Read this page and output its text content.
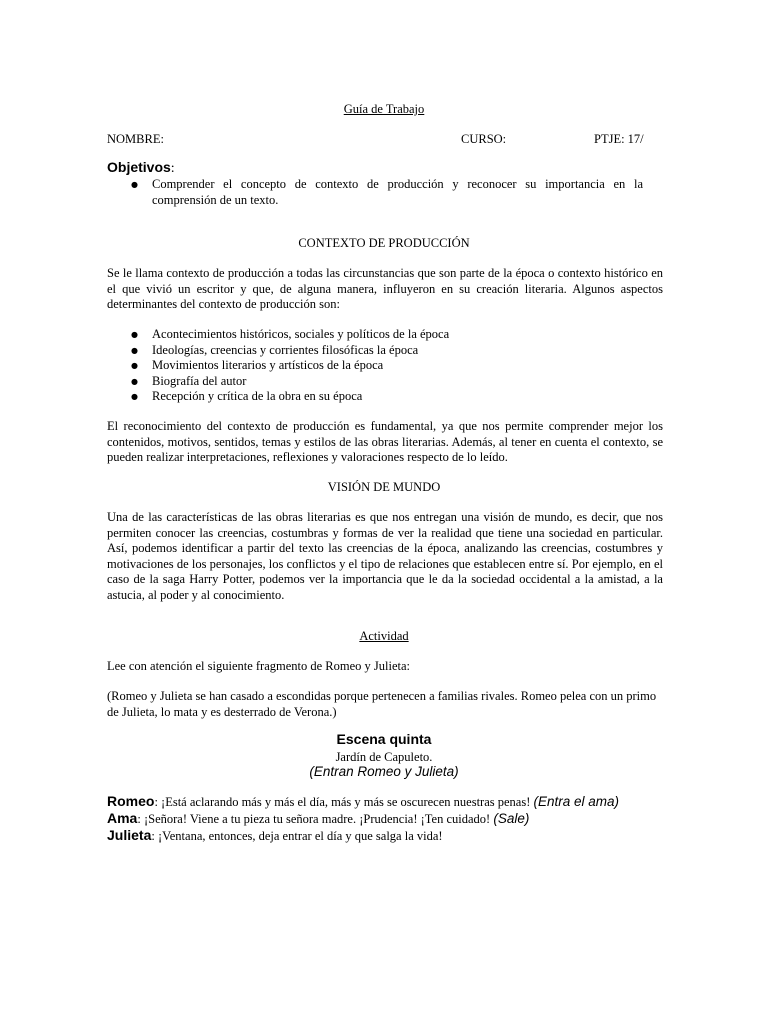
Guía de Trabajo
NOMBRE:	CURSO:	PTJE: 17/
Objetivos:
● Comprender el concepto de contexto de producción y reconocer su importancia en la comprensión de un texto.
CONTEXTO DE PRODUCCIÓN
Se le llama contexto de producción a todas las circunstancias que son parte de la época o contexto histórico en el que vivió un escritor y que, de alguna manera, influyeron en su creación literaria. Algunos aspectos determinantes del contexto de producción son:
● Acontecimientos históricos, sociales y políticos de la época
● Ideologías, creencias y corrientes filosóficas la época
● Movimientos literarios y artísticos de la época
● Biografía del autor
● Recepción y crítica de la obra en su época
El reconocimiento del contexto de producción es fundamental, ya que nos permite comprender mejor los contenidos, motivos, sentidos, temas y estilos de las obras literarias. Además, al tener en cuenta el contexto, se pueden realizar interpretaciones, reflexiones y valoraciones respecto de lo leído.
VISIÓN DE MUNDO
Una de las características de las obras literarias es que nos entregan una visión de mundo, es decir, que nos permiten conocer las creencias, costumbras y formas de ver la realidad que tiene una sociedad en particular. Así, podemos identificar a partir del texto las creencias de la época, analizando las creencias, costumbres y motivaciones de los personajes, los conflictos y el tipo de relaciones que establecen entre sí. Por ejemplo, en el caso de la saga Harry Potter, podemos ver la importancia que le da la sociedad occidental a la amistad, a la astucia, al poder y al conocimiento.
Actividad
Lee con atención el siguiente fragmento de Romeo y Julieta:
(Romeo y Julieta se han casado a escondidas porque pertenecen a familias rivales. Romeo pelea con un primo de Julieta, lo mata y es desterrado de Verona.)
Escena quinta
Jardín de Capuleto.
(Entran Romeo y Julieta)
Romeo: ¡Está aclarando más y más el día, más y más se oscurecen nuestras penas! (Entra el ama)
Ama: ¡Señora! Viene a tu pieza tu señora madre. ¡Prudencia! ¡Ten cuidado! (Sale)
Julieta: ¡Ventana, entonces, deja entrar el día y que salga la vida!
